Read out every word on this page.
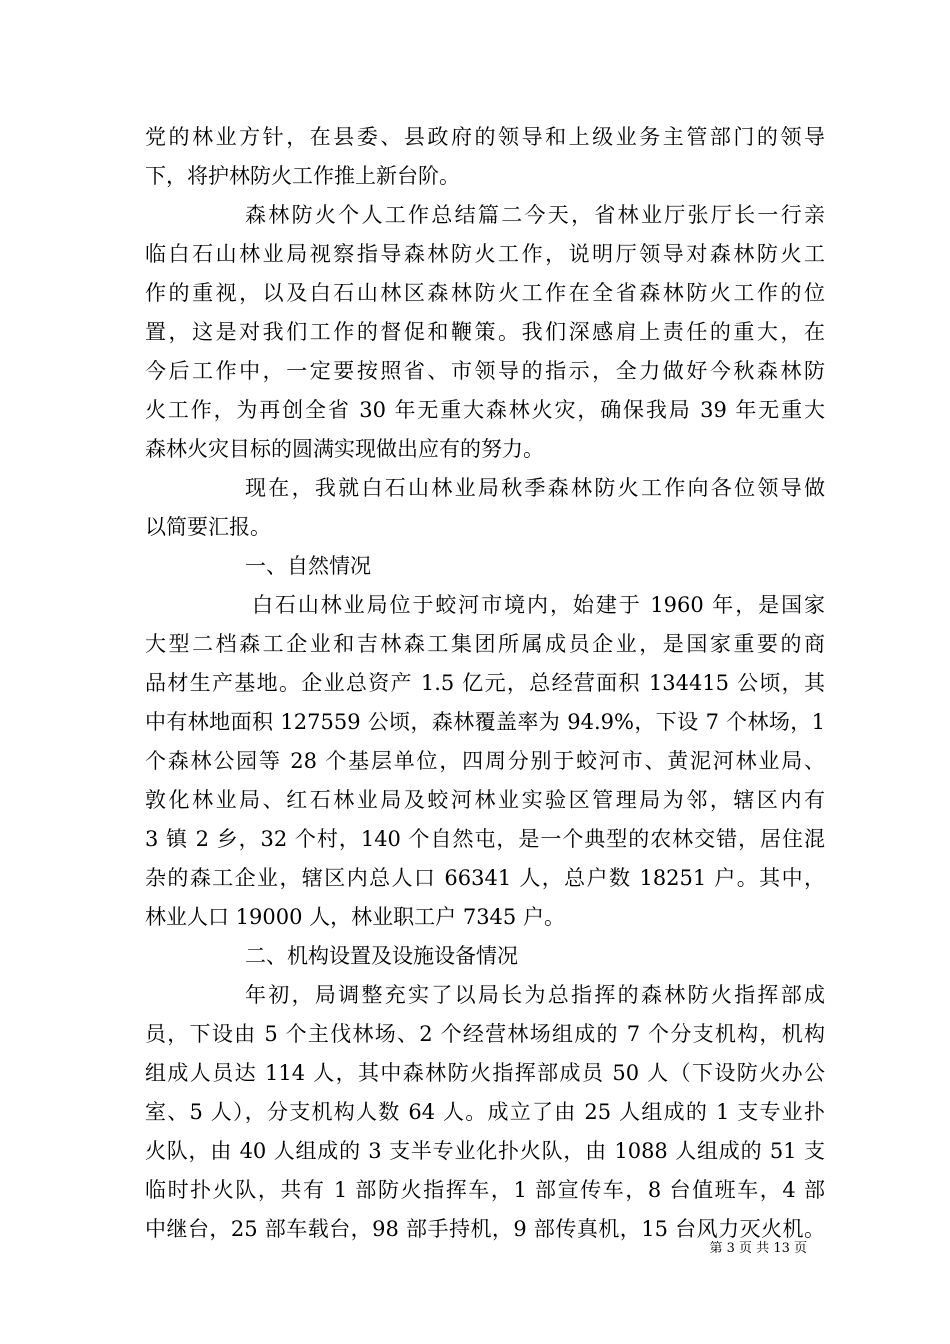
党的林业方针，在县委、县政府的领导和上级业务主管部门的领导
下，将护林防火工作推上新台阶。
森林防火个人工作总结篇二今天，省林业厅张厅长一行亲
临白石山林业局视察指导森林防火工作，说明厅领导对森林防火工
作的重视，以及白石山林区森林防火工作在全省森林防火工作的位
置，这是对我们工作的督促和鞭策。我们深感肩上责任的重大，在
今后工作中，一定要按照省、市领导的指示，全力做好今秋森林防
火工作，为再创全省 30 年无重大森林火灾，确保我局 39 年无重大
森林火灾目标的圆满实现做出应有的努力。
现在，我就白石山林业局秋季森林防火工作向各位领导做
以简要汇报。
一、自然情况
白石山林业局位于蛟河市境内，始建于 1960 年，是国家
大型二档森工企业和吉林森工集团所属成员企业，是国家重要的商
品材生产基地。企业总资产 1.5 亿元，总经营面积 134415 公顷，其
中有林地面积 127559 公顷，森林覆盖率为 94.9%，下设 7 个林场，1
个森林公园等 28 个基层单位，四周分别于蛟河市、黄泥河林业局、
敦化林业局、红石林业局及蛟河林业实验区管理局为邻，辖区内有
3 镇 2 乡，32 个村，140 个自然屯，是一个典型的农林交错，居住混
杂的森工企业，辖区内总人口 66341 人，总户数 18251 户。其中，
林业人口 19000 人，林业职工户 7345 户。
二、机构设置及设施设备情况
年初，局调整充实了以局长为总指挥的森林防火指挥部成
员，下设由 5 个主伐林场、2 个经营林场组成的 7 个分支机构，机构
组成人员达 114 人，其中森林防火指挥部成员 50 人（下设防火办公
室、5 人），分支机构人数 64 人。成立了由 25 人组成的 1 支专业扑
火队，由 40 人组成的 3 支半专业化扑火队，由 1088 人组成的 51 支
临时扑火队，共有 1 部防火指挥车，1 部宣传车，8 台值班车，4 部
中继台，25 部车载台，98 部手持机，9 部传真机，15 台风力灭火机。
第 3 页 共 13 页
